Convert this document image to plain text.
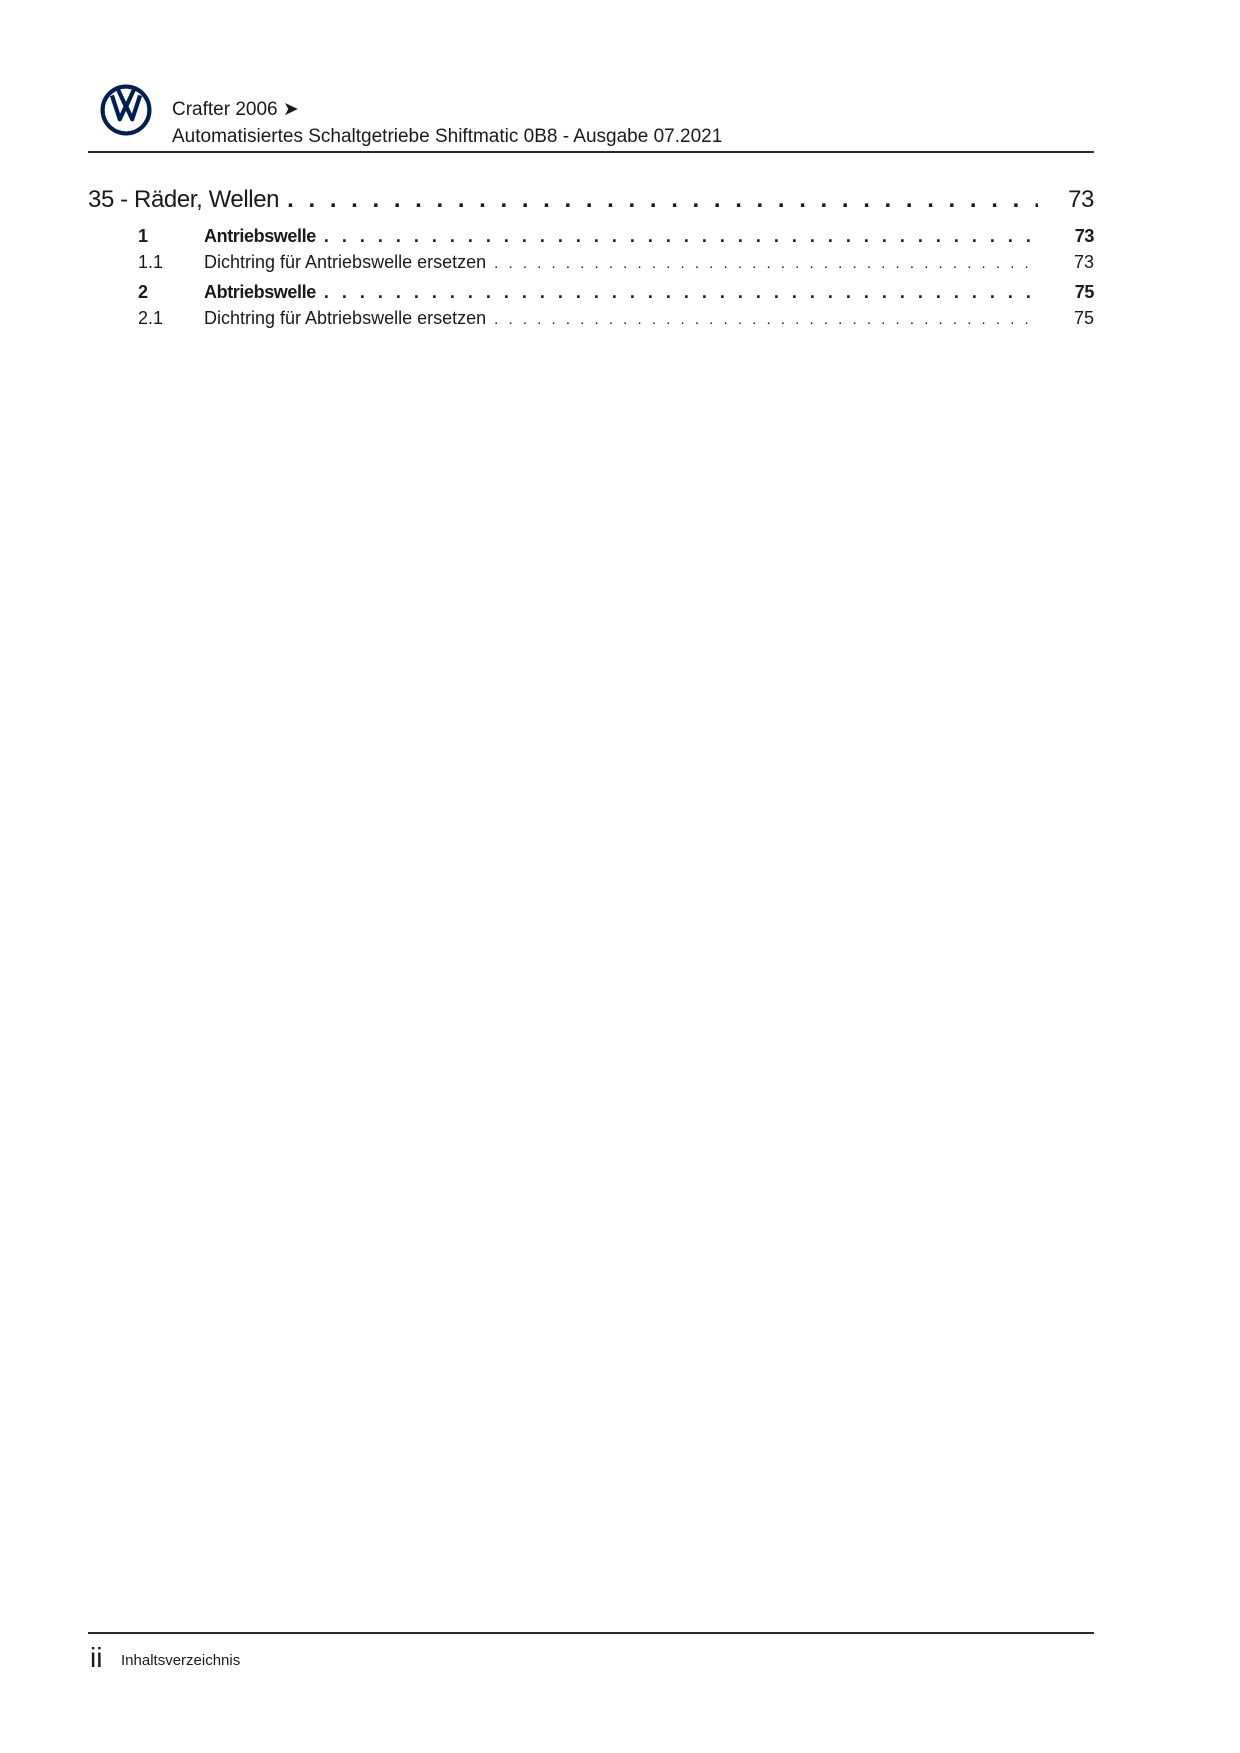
Crafter 2006 ➤
Automatisiertes Schaltgetriebe Shiftmatic 0B8 - Ausgabe 07.2021
35 - Räder, Wellen . . .	73
1	Antriebswelle . . .	73
1.1	Dichtring für Antriebswelle ersetzen . . .	73
2	Abtriebswelle . . .	75
2.1	Dichtring für Abtriebswelle ersetzen . . .	75
ii Inhaltsverzeichnis
